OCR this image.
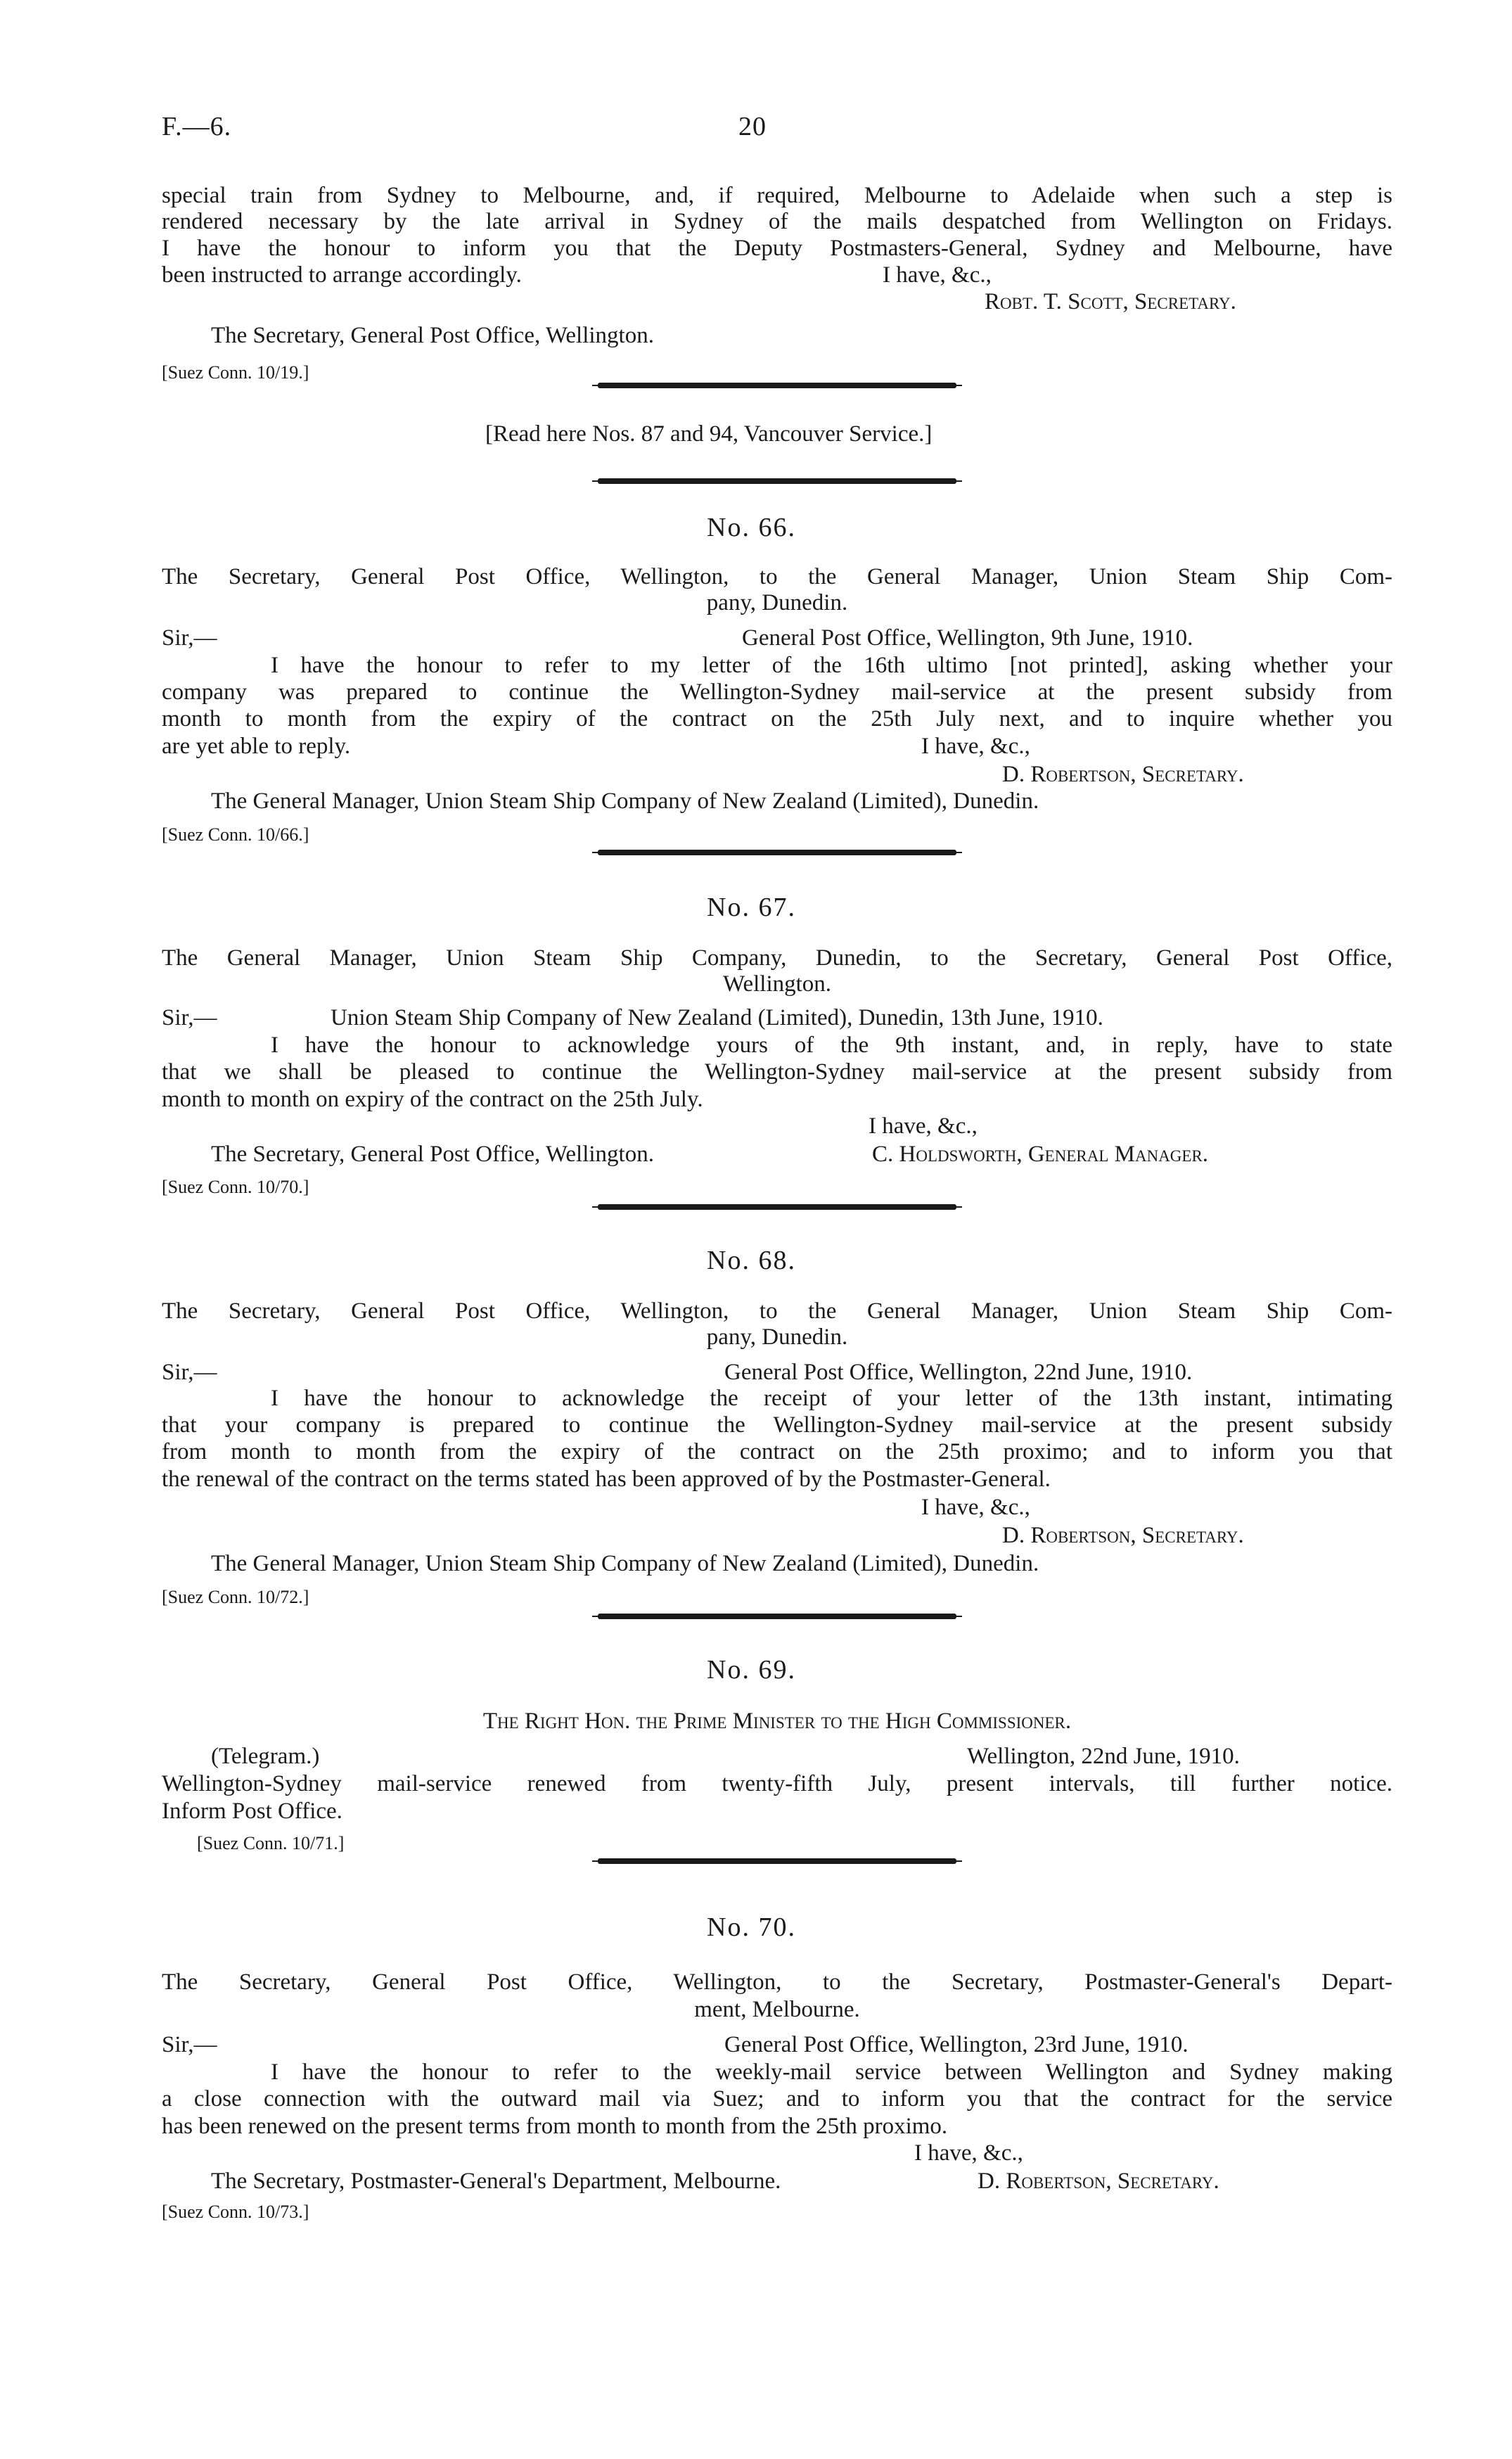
F.—6.	20
special train from Sydney to Melbourne, and, if required, Melbourne to Adelaide when such a step is
rendered necessary by the late arrival in Sydney of the mails despatched from Wellington on Fridays.
I have the honour to inform you that the Deputy Postmasters-General, Sydney and Melbourne, have
been instructed to arrange accordingly.	I have, &c.,
Robt. T. Scott, Secretary.
The Secretary, General Post Office, Wellington.
[Suez Conn. 10/19.]
[Read here Nos. 87 and 94, Vancouver Service.]
No. 66.
The Secretary, General Post Office, Wellington, to the General Manager, Union Steam Ship Com-
pany, Dunedin.
Sir,—	General Post Office, Wellington, 9th June, 1910.
I have the honour to refer to my letter of the 16th ultimo [not printed], asking whether your
company was prepared to continue the Wellington-Sydney mail-service at the present subsidy from
month to month from the expiry of the contract on the 25th July next, and to inquire whether you
are yet able to reply.	I have, &c.,
D. Robertson, Secretary.
The General Manager, Union Steam Ship Company of New Zealand (Limited), Dunedin.
[Suez Conn. 10/66.]
No. 67.
The General Manager, Union Steam Ship Company, Dunedin, to the Secretary, General Post Office,
Wellington.
Sir,—	Union Steam Ship Company of New Zealand (Limited), Dunedin, 13th June, 1910.
I have the honour to acknowledge yours of the 9th instant, and, in reply, have to state
that we shall be pleased to continue the Wellington-Sydney mail-service at the present subsidy from
month to month on expiry of the contract on the 25th July.
I have, &c.,
The Secretary, General Post Office, Wellington.	C. Holdsworth, General Manager.
[Suez Conn. 10/70.]
No. 68.
The Secretary, General Post Office, Wellington, to the General Manager, Union Steam Ship Com-
pany, Dunedin.
Sir,—	General Post Office, Wellington, 22nd June, 1910.
I have the honour to acknowledge the receipt of your letter of the 13th instant, intimating
that your company is prepared to continue the Wellington-Sydney mail-service at the present subsidy
from month to month from the expiry of the contract on the 25th proximo; and to inform you that
the renewal of the contract on the terms stated has been approved of by the Postmaster-General.
I have, &c.,
D. Robertson, Secretary.
The General Manager, Union Steam Ship Company of New Zealand (Limited), Dunedin.
[Suez Conn. 10/72.]
No. 69.
The Right Hon. the Prime Minister to the High Commissioner.
(Telegram.)	Wellington, 22nd June, 1910.
Wellington-Sydney mail-service renewed from twenty-fifth July, present intervals, till further notice.
Inform Post Office.
[Suez Conn. 10/71.]
No. 70.
The Secretary, General Post Office, Wellington, to the Secretary, Postmaster-General's Depart-
ment, Melbourne.
Sir,—	General Post Office, Wellington, 23rd June, 1910.
I have the honour to refer to the weekly-mail service between Wellington and Sydney making
a close connection with the outward mail via Suez; and to inform you that the contract for the service
has been renewed on the present terms from month to month from the 25th proximo.
I have, &c.,
The Secretary, Postmaster-General's Department, Melbourne.	D. Robertson, Secretary.
[Suez Conn. 10/73.]
